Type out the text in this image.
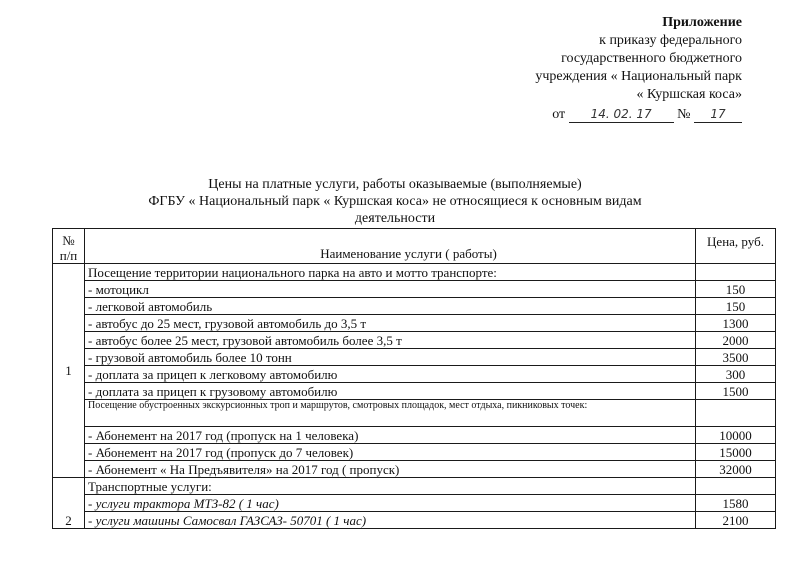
Приложение
к приказу федерального
государственного бюджетного
учреждения « Национальный парк
« Куршская коса»
от 14. 02. 17 № 17
Цены на платные услуги, работы оказываемые (выполняемые)
ФГБУ « Национальный парк « Куршская коса» не относящиеся к основным видам
деятельности
№ п/п	Наименование услуги ( работы)	Цена, руб.
1	Посещение территории национального парка на авто и мотто транспорте:	
	- мотоцикл	150
	- легковой автомобиль	150
	- автобус до 25 мест, грузовой автомобиль до 3,5 т	1300
	- автобус более 25 мест, грузовой автомобиль более 3,5 т	2000
	- грузовой автомобиль более 10 тонн	3500
	- доплата за прицеп к легковому автомобилю	300
	- доплата за прицеп к грузовому автомобилю	1500
	Посещение обустроенных экскурсионных троп и маршрутов, смотровых площадок, мест отдыха, пикниковых точек:	
	- Абонемент на 2017 год (пропуск на 1 человека)	10000
	- Абонемент на 2017 год (пропуск до 7 человек)	15000
	- Абонемент « На Предъявителя» на 2017 год ( пропуск)	32000
2	Транспортные услуги:	
	- услуги трактора МТЗ-82 ( 1 час)	1580
	- услуги машины Самосвал ГАЗСАЗ- 50701 ( 1 час)	2100
